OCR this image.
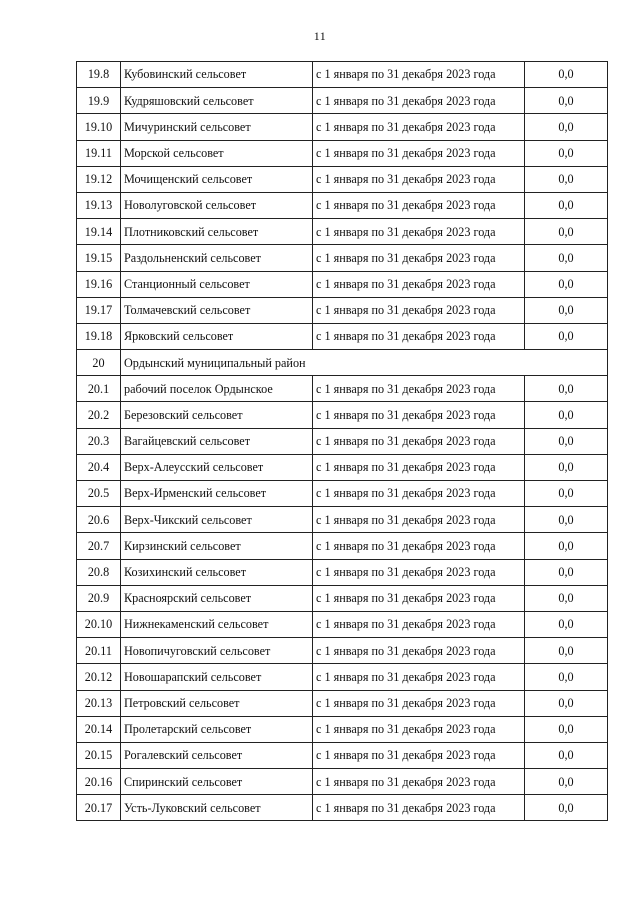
11
19.8	Кубовинский сельсовет	с 1 января по 31 декабря 2023 года	0,0
19.9	Кудряшовский сельсовет	с 1 января по 31 декабря 2023 года	0,0
19.10	Мичуринский сельсовет	с 1 января по 31 декабря 2023 года	0,0
19.11	Морской сельсовет	с 1 января по 31 декабря 2023 года	0,0
19.12	Мочищенский сельсовет	с 1 января по 31 декабря 2023 года	0,0
19.13	Новолуговской сельсовет	с 1 января по 31 декабря 2023 года	0,0
19.14	Плотниковский сельсовет	с 1 января по 31 декабря 2023 года	0,0
19.15	Раздольненский сельсовет	с 1 января по 31 декабря 2023 года	0,0
19.16	Станционный сельсовет	с 1 января по 31 декабря 2023 года	0,0
19.17	Толмачевский сельсовет	с 1 января по 31 декабря 2023 года	0,0
19.18	Ярковский сельсовет	с 1 января по 31 декабря 2023 года	0,0
20	Ордынский муниципальный район		
20.1	рабочий поселок Ордынское	с 1 января по 31 декабря 2023 года	0,0
20.2	Березовский сельсовет	с 1 января по 31 декабря 2023 года	0,0
20.3	Вагайцевский сельсовет	с 1 января по 31 декабря 2023 года	0,0
20.4	Верх-Алеусский сельсовет	с 1 января по 31 декабря 2023 года	0,0
20.5	Верх-Ирменский сельсовет	с 1 января по 31 декабря 2023 года	0,0
20.6	Верх-Чикский сельсовет	с 1 января по 31 декабря 2023 года	0,0
20.7	Кирзинский сельсовет	с 1 января по 31 декабря 2023 года	0,0
20.8	Козихинский сельсовет	с 1 января по 31 декабря 2023 года	0,0
20.9	Красноярский сельсовет	с 1 января по 31 декабря 2023 года	0,0
20.10	Нижнекаменский сельсовет	с 1 января по 31 декабря 2023 года	0,0
20.11	Новопичуговский сельсовет	с 1 января по 31 декабря 2023 года	0,0
20.12	Новошарапский сельсовет	с 1 января по 31 декабря 2023 года	0,0
20.13	Петровский сельсовет	с 1 января по 31 декабря 2023 года	0,0
20.14	Пролетарский сельсовет	с 1 января по 31 декабря 2023 года	0,0
20.15	Рогалевский сельсовет	с 1 января по 31 декабря 2023 года	0,0
20.16	Спиринский сельсовет	с 1 января по 31 декабря 2023 года	0,0
20.17	Усть-Луковский сельсовет	с 1 января по 31 декабря 2023 года	0,0
